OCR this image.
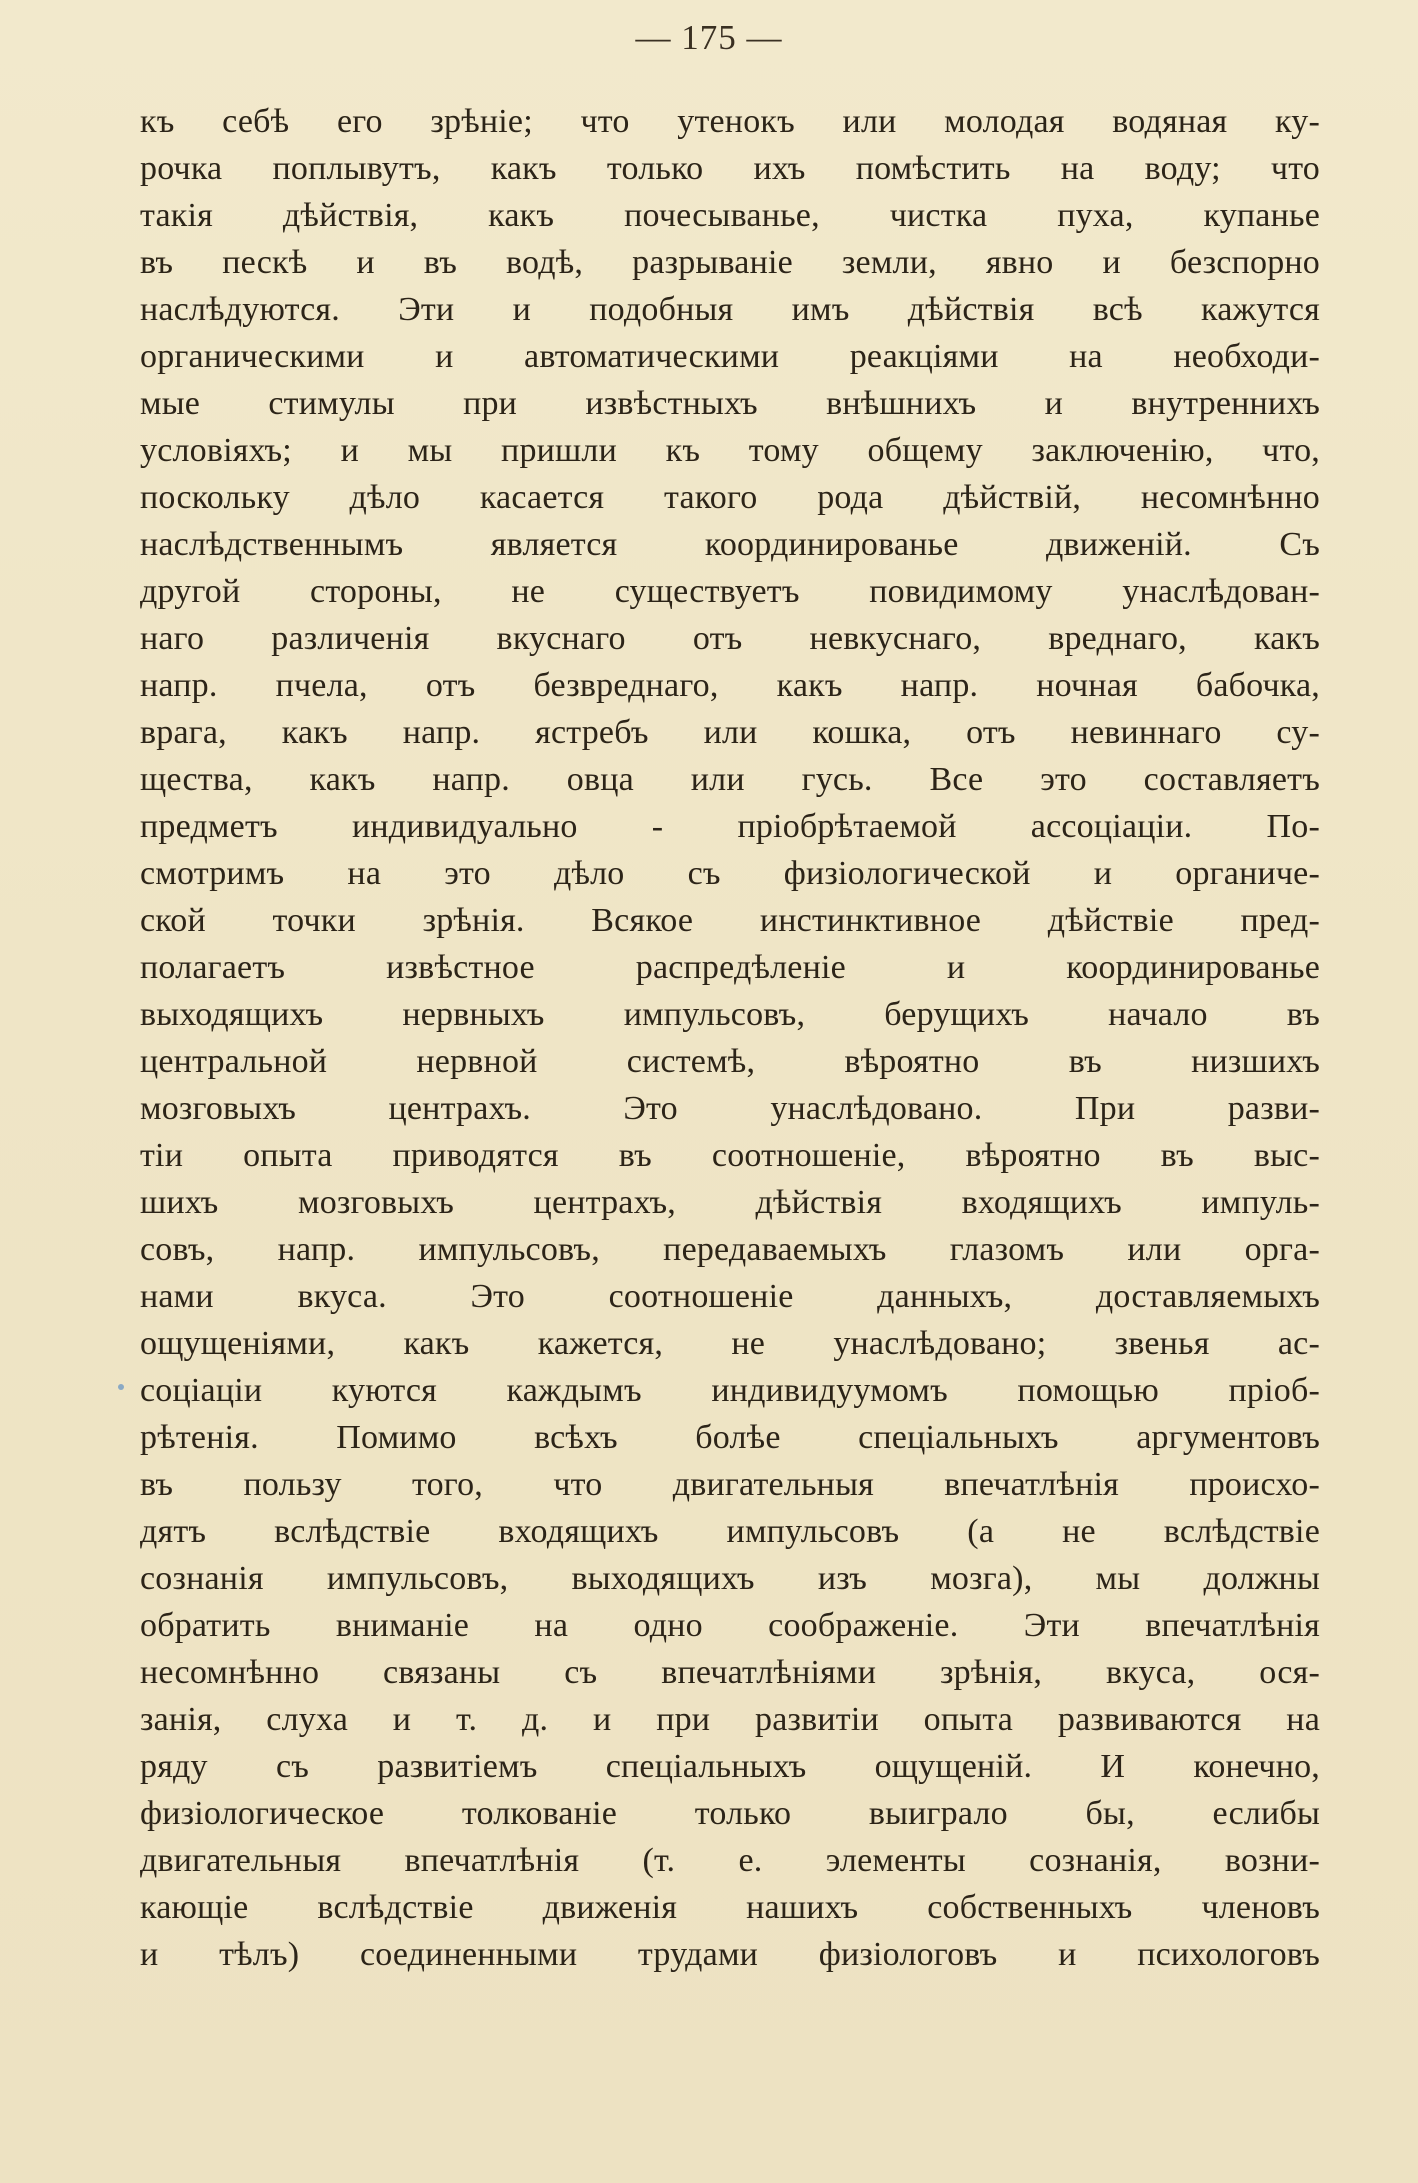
— 175 —
къ себѣ его зрѣніе; что утенокъ или молодая водяная ку-
рочка поплывутъ, какъ только ихъ помѣстить на воду; что
такія дѣйствія, какъ почесыванье, чистка пуха, купанье
въ пескѣ и въ водѣ, разрываніе земли, явно и безспорно
наслѣдуются. Эти и подобныя имъ дѣйствія всѣ кажутся
органическими и автоматическими реакціями на необходи-
мые стимулы при извѣстныхъ внѣшнихъ и внутреннихъ
условіяхъ; и мы пришли къ тому общему заключенію, что,
поскольку дѣло касается такого рода дѣйствій, несомнѣнно
наслѣдственнымъ является координированье движеній. Съ
другой стороны, не существуетъ повидимому унаслѣдован-
наго различенія вкуснаго отъ невкуснаго, вреднаго, какъ
напр. пчела, отъ безвреднаго, какъ напр. ночная бабочка,
врага, какъ напр. ястребъ или кошка, отъ невиннаго су-
щества, какъ напр. овца или гусь. Все это составляетъ
предметъ индивидуально - пріобрѣтаемой ассоціаціи. По-
смотримъ на это дѣло съ физіологической и органиче-
ской точки зрѣнія. Всякое инстинктивное дѣйствіе пред-
полагаетъ извѣстное распредѣленіе и координированье
выходящихъ нервныхъ импульсовъ, берущихъ начало въ
центральной нервной системѣ, вѣроятно въ низшихъ
мозговыхъ центрахъ. Это унаслѣдовано. При разви-
тіи опыта приводятся въ соотношеніе, вѣроятно въ выс-
шихъ мозговыхъ центрахъ, дѣйствія входящихъ импуль-
совъ, напр. импульсовъ, передаваемыхъ глазомъ или орга-
нами вкуса. Это соотношеніе данныхъ, доставляемыхъ
ощущеніями, какъ кажется, не унаслѣдовано; звенья ас-
соціаціи куются каждымъ индивидуумомъ помощью пріоб-
рѣтенія. Помимо всѣхъ болѣе спеціальныхъ аргументовъ
въ пользу того, что двигательныя впечатлѣнія происхо-
дятъ вслѣдствіе входящихъ импульсовъ (а не вслѣдствіе
сознанія импульсовъ, выходящихъ изъ мозга), мы должны
обратить вниманіе на одно соображеніе. Эти впечатлѣнія
несомнѣнно связаны съ впечатлѣніями зрѣнія, вкуса, ося-
занія, слуха и т. д. и при развитіи опыта развиваются на
ряду съ развитіемъ спеціальныхъ ощущеній. И конечно,
физіологическое толкованіе только выиграло бы, еслибы
двигательныя впечатлѣнія (т. е. элементы сознанія, возни-
кающіе вслѣдствіе движенія нашихъ собственныхъ членовъ
и тѣлъ) соединенными трудами физіологовъ и психологовъ
